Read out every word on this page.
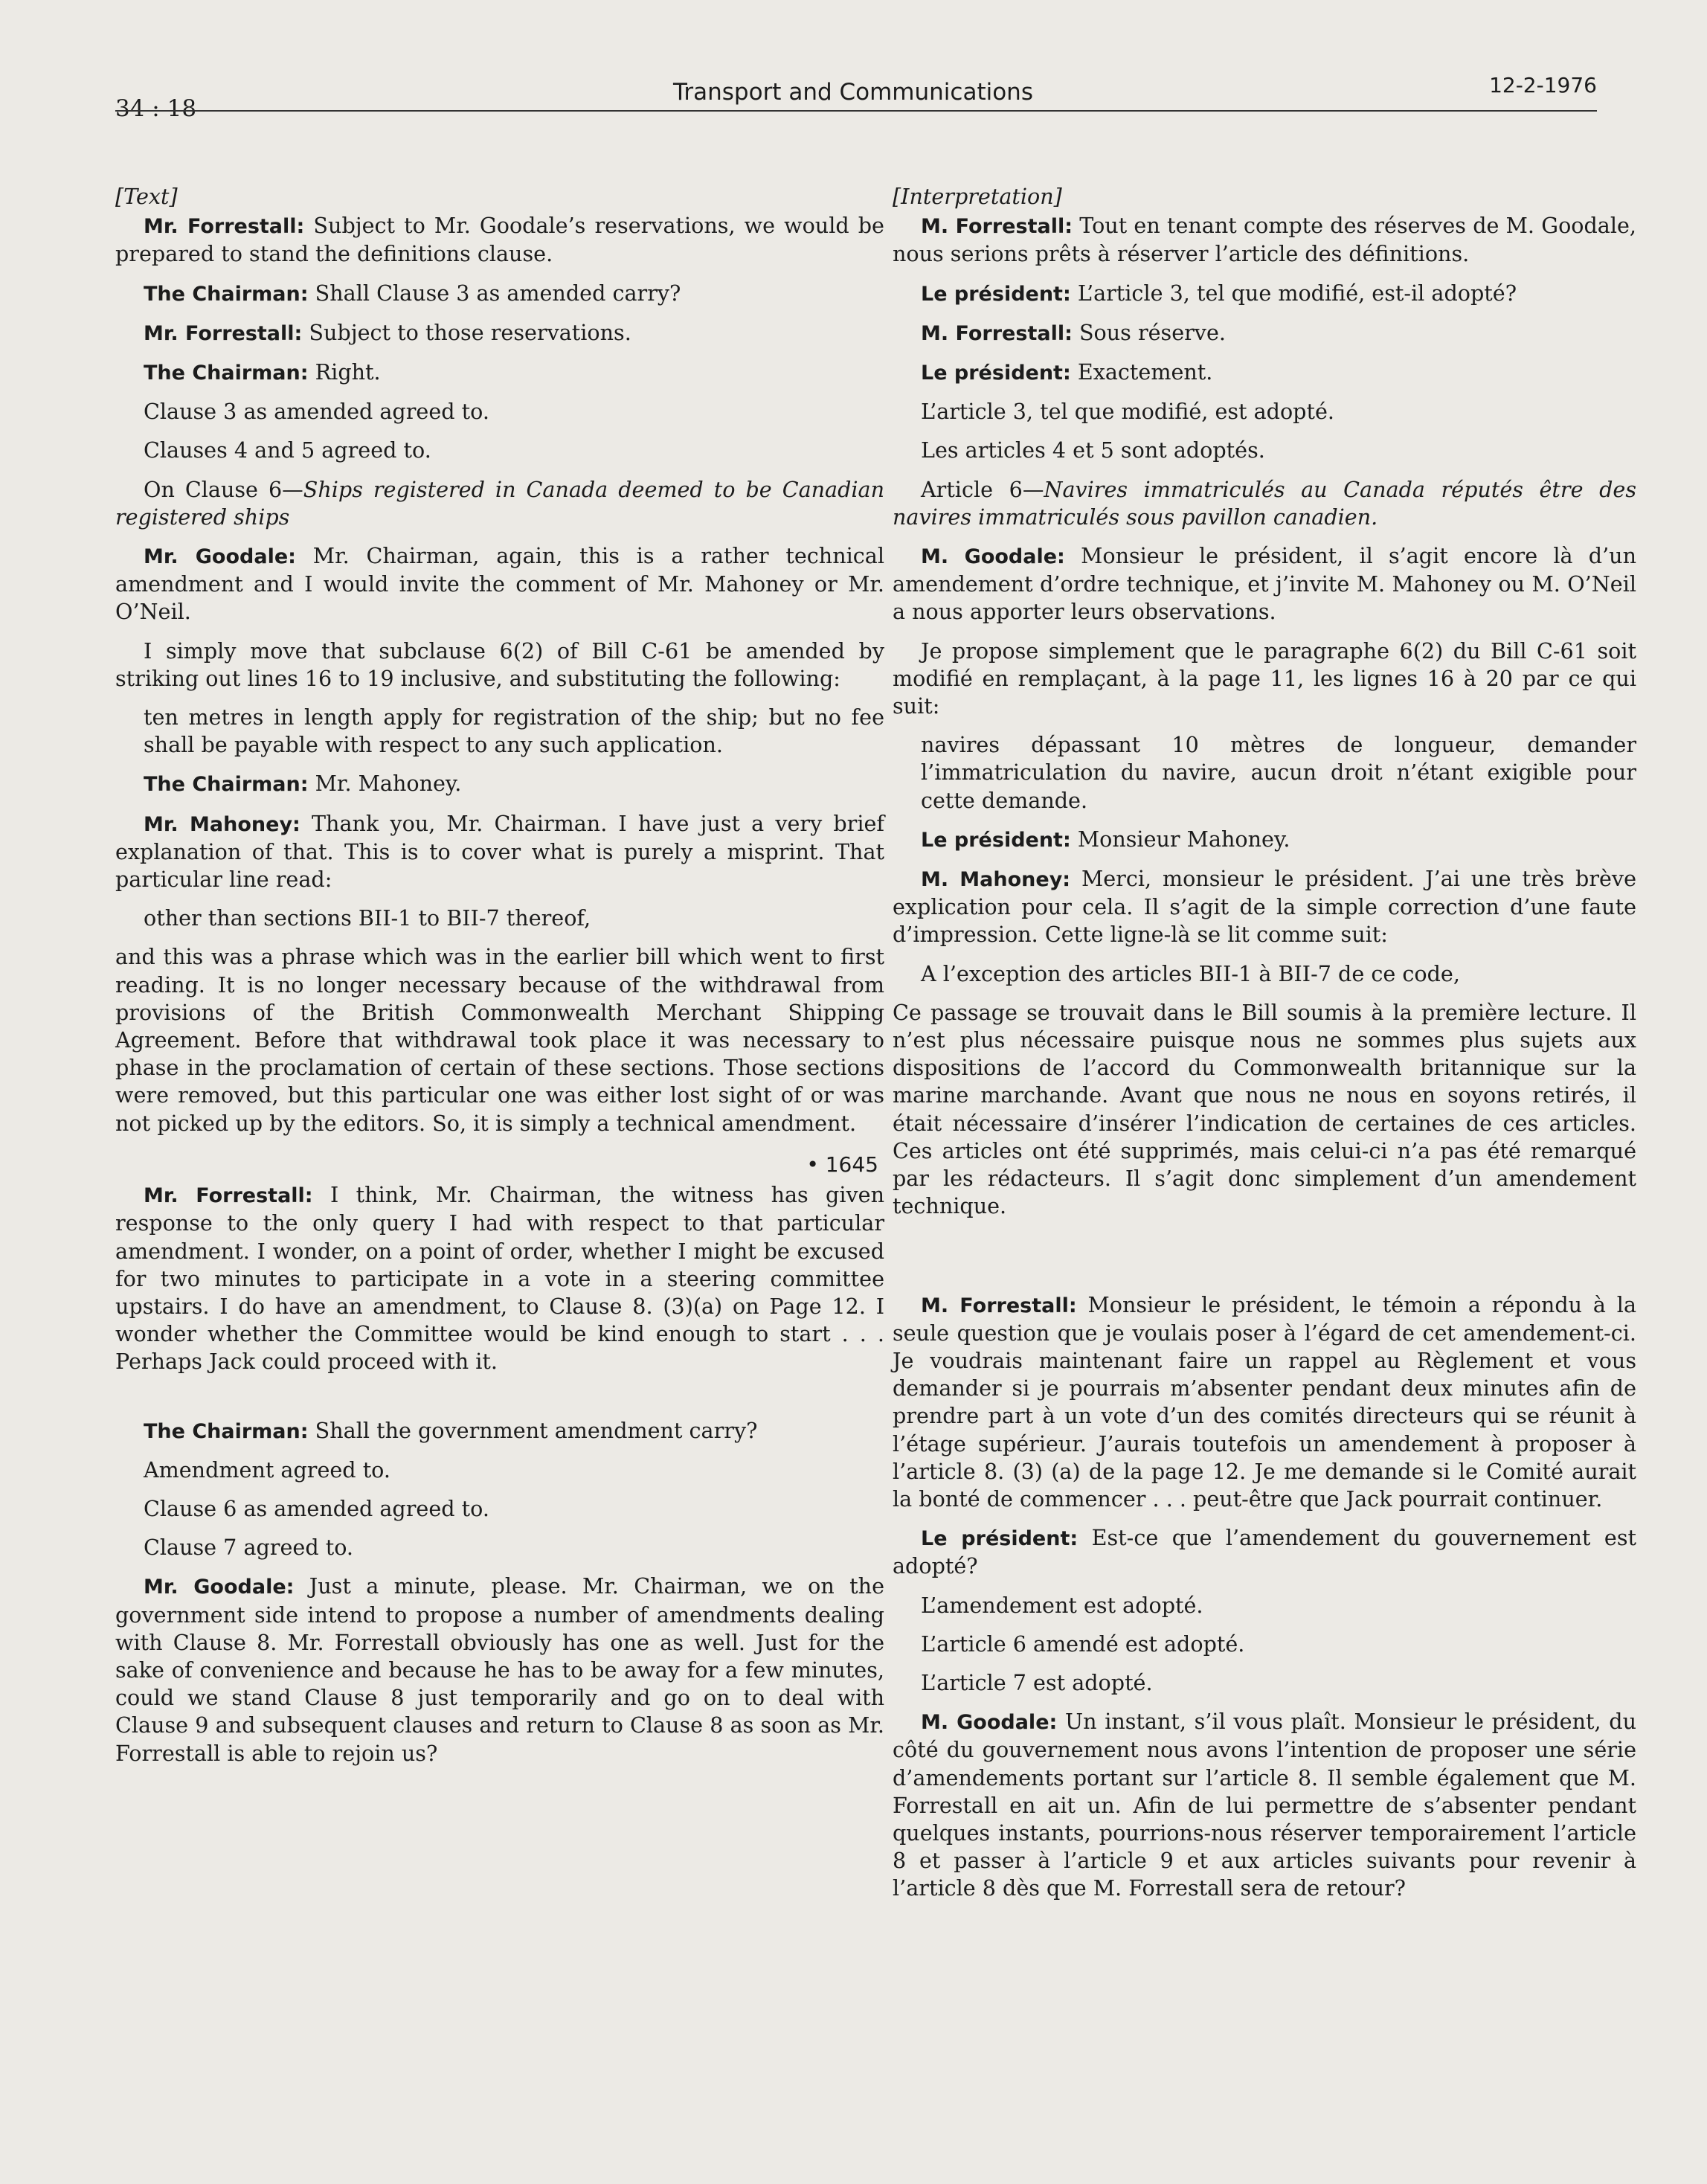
34 : 18
Transport and Communications	12-2-1976

[Text]

Mr. Forrestall: Subject to Mr. Goodale’s reservations, we would be prepared to stand the definitions clause.

The Chairman: Shall Clause 3 as amended carry?

Mr. Forrestall: Subject to those reservations.

The Chairman: Right.

Clause 3 as amended agreed to.

Clauses 4 and 5 agreed to.

On Clause 6—Ships registered in Canada deemed to be Canadian registered ships

Mr. Goodale: Mr. Chairman, again, this is a rather technical amendment and I would invite the comment of Mr. Mahoney or Mr. O’Neil.

I simply move that subclause 6(2) of Bill C-61 be amended by striking out lines 16 to 19 inclusive, and substituting the following:

ten metres in length apply for registration of the ship; but no fee shall be payable with respect to any such application.

The Chairman: Mr. Mahoney.

Mr. Mahoney: Thank you, Mr. Chairman. I have just a very brief explanation of that. This is to cover what is purely a misprint. That particular line read:

other than sections BII-1 to BII-7 thereof,

and this was a phrase which was in the earlier bill which went to first reading. It is no longer necessary because of the withdrawal from provisions of the British Commonwealth Merchant Shipping Agreement. Before that withdrawal took place it was necessary to phase in the proclamation of certain of these sections. Those sections were removed, but this particular one was either lost sight of or was not picked up by the editors. So, it is simply a technical amendment.

• 1645

Mr. Forrestall: I think, Mr. Chairman, the witness has given response to the only query I had with respect to that particular amendment. I wonder, on a point of order, whether I might be excused for two minutes to participate in a vote in a steering committee upstairs. I do have an amendment, to Clause 8. (3)(a) on Page 12. I wonder whether the Committee would be kind enough to start . . . Perhaps Jack could proceed with it.

The Chairman: Shall the government amendment carry?

Amendment agreed to.

Clause 6 as amended agreed to.

Clause 7 agreed to.

Mr. Goodale: Just a minute, please. Mr. Chairman, we on the government side intend to propose a number of amendments dealing with Clause 8. Mr. Forrestall obviously has one as well. Just for the sake of convenience and because he has to be away for a few minutes, could we stand Clause 8 just temporarily and go on to deal with Clause 9 and subsequent clauses and return to Clause 8 as soon as Mr. Forrestall is able to rejoin us?

[Interpretation]

M. Forrestall: Tout en tenant compte des réserves de M. Goodale, nous serions prêts à réserver l’article des définitions.

Le président: L’article 3, tel que modifié, est-il adopté?

M. Forrestall: Sous réserve.

Le président: Exactement.

L’article 3, tel que modifié, est adopté.

Les articles 4 et 5 sont adoptés.

Article 6—Navires immatriculés au Canada réputés être des navires immatriculés sous pavillon canadien.

M. Goodale: Monsieur le président, il s’agit encore là d’un amendement d’ordre technique, et j’invite M. Mahoney ou M. O’Neil a nous apporter leurs observations.

Je propose simplement que le paragraphe 6(2) du Bill C-61 soit modifié en remplaçant, à la page 11, les lignes 16 à 20 par ce qui suit:

navires dépassant 10 mètres de longueur, demander l’immatriculation du navire, aucun droit n’étant exigible pour cette demande.

Le président: Monsieur Mahoney.

M. Mahoney: Merci, monsieur le président. J’ai une très brève explication pour cela. Il s’agit de la simple correction d’une faute d’impression. Cette ligne-là se lit comme suit:

A l’exception des articles BII-1 à BII-7 de ce code,

Ce passage se trouvait dans le Bill soumis à la première lecture. Il n’est plus nécessaire puisque nous ne sommes plus sujets aux dispositions de l’accord du Commonwealth britannique sur la marine marchande. Avant que nous ne nous en soyons retirés, il était nécessaire d’insérer l’indication de certaines de ces articles. Ces articles ont été supprimés, mais celui-ci n’a pas été remarqué par les rédacteurs. Il s’agit donc simplement d’un amendement technique.

M. Forrestall: Monsieur le président, le témoin a répondu à la seule question que je voulais poser à l’égard de cet amendement-ci. Je voudrais maintenant faire un rappel au Règlement et vous demander si je pourrais m’absenter pendant deux minutes afin de prendre part à un vote d’un des comités directeurs qui se réunit à l’étage supérieur. J’aurais toutefois un amendement à proposer à l’article 8. (3) (a) de la page 12. Je me demande si le Comité aurait la bonté de commencer . . . peut-être que Jack pourrait continuer.

Le président: Est-ce que l’amendement du gouvernement est adopté?

L’amendement est adopté.

L’article 6 amendé est adopté.

L’article 7 est adopté.

M. Goodale: Un instant, s’il vous plaît. Monsieur le président, du côté du gouvernement nous avons l’intention de proposer une série d’amendements portant sur l’article 8. Il semble également que M. Forrestall en ait un. Afin de lui permettre de s’absenter pendant quelques instants, pourrions-nous réserver temporairement l’article 8 et passer à l’article 9 et aux articles suivants pour revenir à l’article 8 dès que M. Forrestall sera de retour?
